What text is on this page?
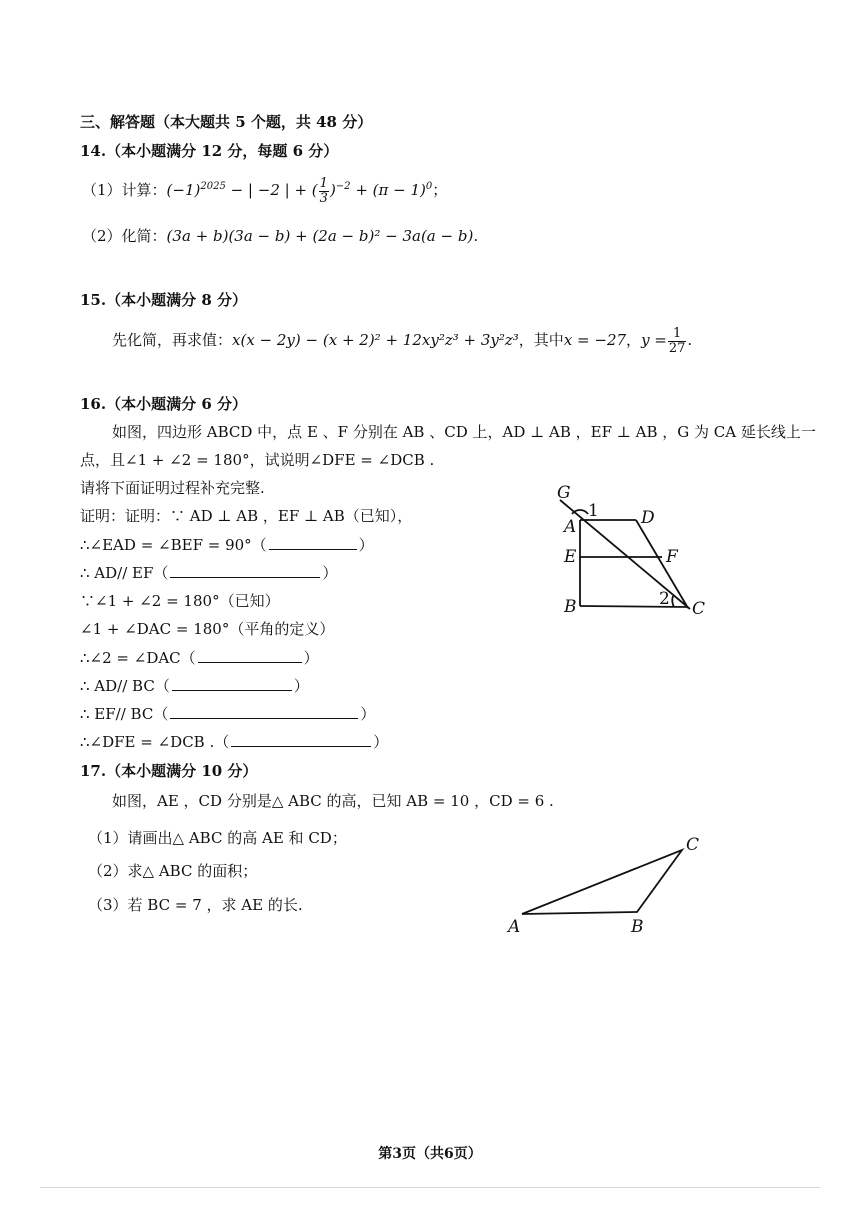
三、解答题（本大题共 5 个题，共 48 分）
14.（本小题满分 12 分，每题 6 分）
（1）计算：$(-1)^{2025}$ − | −2 | + ( $\frac{1}{3} )^{-2} + (\pi - 1)^0$；
（2）化简：(3a + b)(3a − b) + (2a − b)² − 3a(a − b).
15.（本小题满分 8 分）
先化简，再求值：x(x − 2y) − (x + 2)² + 12xy²z³ + 3y²z³，其中x = −27，$y = \frac{1}{27}$ .
16.（本小题满分 6 分）
如图，四边形 ABCD 中，点 E 、F 分别在 AB 、CD 上，AD ⊥ AB ，EF ⊥ AB ，G 为 CA 延长线上一
点，且∠1 + ∠2 = 180°，试说明∠DFE = ∠DCB .
请将下面证明过程补充完整.
证明：证明：∵ AD ⊥ AB ，EF ⊥ AB（已知），
∴∠EAD = ∠BEF = 90°（	）
∴ AD// EF（	）
∵∠1 + ∠2 = 180°（已知）
∠1 + ∠DAC = 180°（平角的定义）
∴∠2 = ∠DAC（	）
∴ AD// BC（	）
∴ EF// BC（	）
∴∠DFE = ∠DCB .（	）
G
1
A	D
E	F
B	2 C
17.（本小题满分 10 分）
如图，AE ，CD 分别是△ ABC 的高，已知 AB = 10 ，CD = 6 .
（1）请画出△ ABC 的高 AE 和 CD；
（2）求△ ABC 的面积；
（3）若 BC = 7 ，求 AE 的长.
A	B
C
第3页（共6页）
